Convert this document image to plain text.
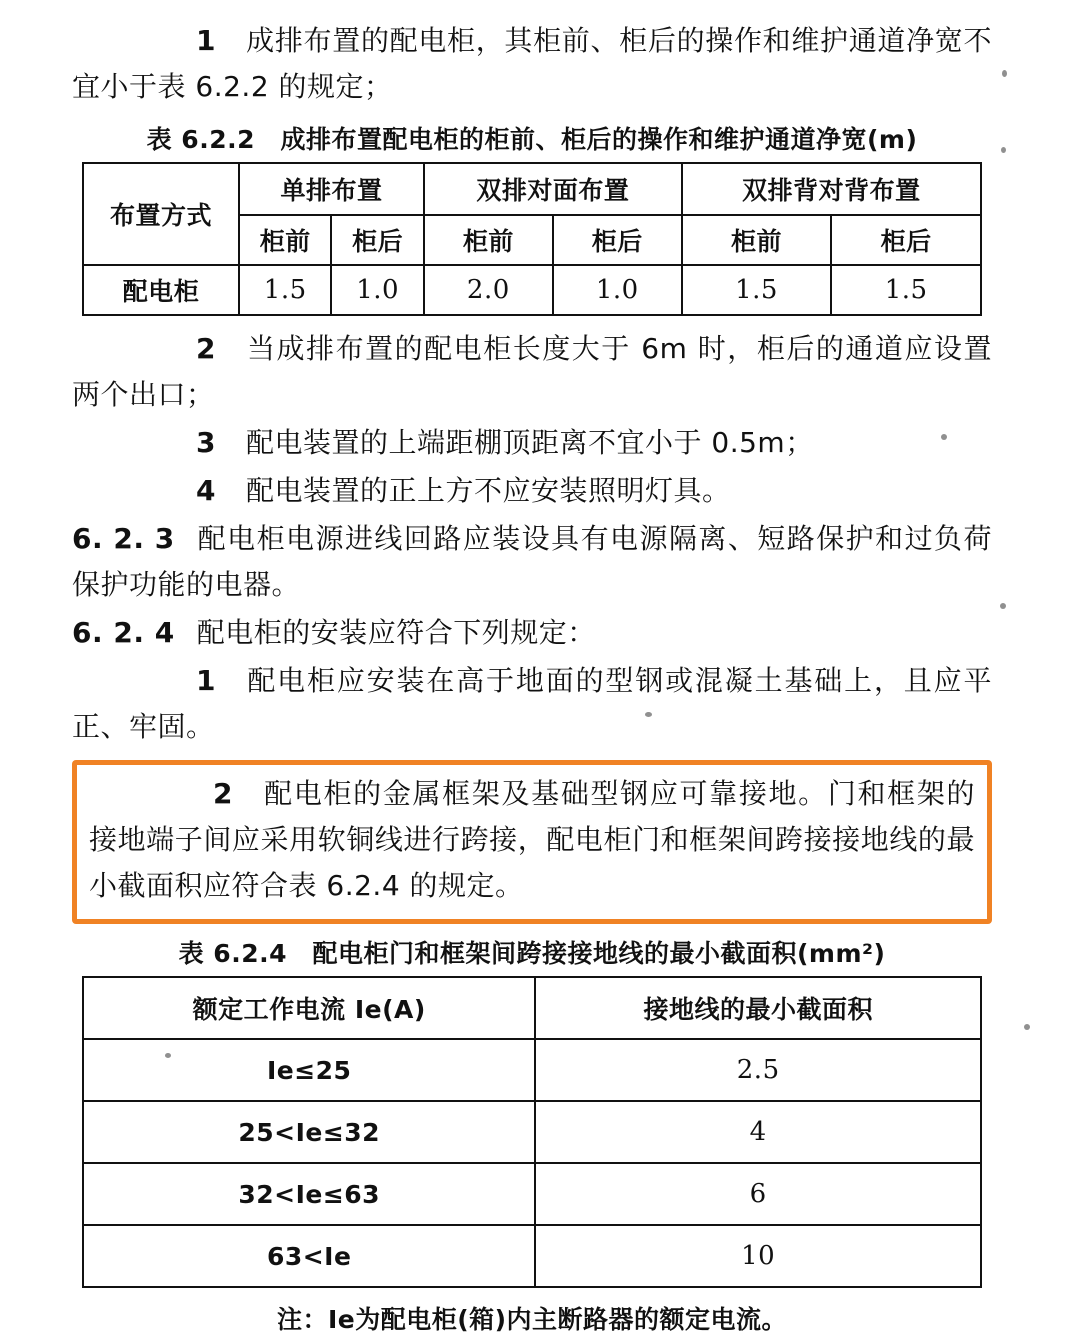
1 成排布置的配电柜，其柜前、柜后的操作和维护通道净宽不宜小于表 6.2.2 的规定；

表 6.2.2　成排布置配电柜的柜前、柜后的操作和维护通道净宽(m)
布置方式	单排布置		双排对面布置		双排背对背布置	
	柜前	柜后	柜前	柜后	柜前	柜后
配电柜	1.5	1.0	2.0	1.0	1.5	1.5

2 当成排布置的配电柜长度大于 6m 时，柜后的通道应设置两个出口；

3 配电装置的上端距棚顶距离不宜小于 0.5m；

4 配电装置的正上方不应安装照明灯具。

6. 2. 3 配电柜电源进线回路应装设具有电源隔离、短路保护和过负荷保护功能的电器。

6. 2. 4 配电柜的安装应符合下列规定：

1 配电柜应安装在高于地面的型钢或混凝土基础上，且应平正、牢固。

2 配电柜的金属框架及基础型钢应可靠接地。门和框架的接地端子间应采用软铜线进行跨接，配电柜门和框架间跨接接地线的最小截面积应符合表 6.2.4 的规定。

表 6.2.4　配电柜门和框架间跨接接地线的最小截面积(mm²)
额定工作电流 Ie(A)	接地线的最小截面积
Ie≤25	2.5
25<Ie≤32	4
32<Ie≤63	6
63<Ie	10
注：Ie为配电柜(箱)内主断路器的额定电流。
